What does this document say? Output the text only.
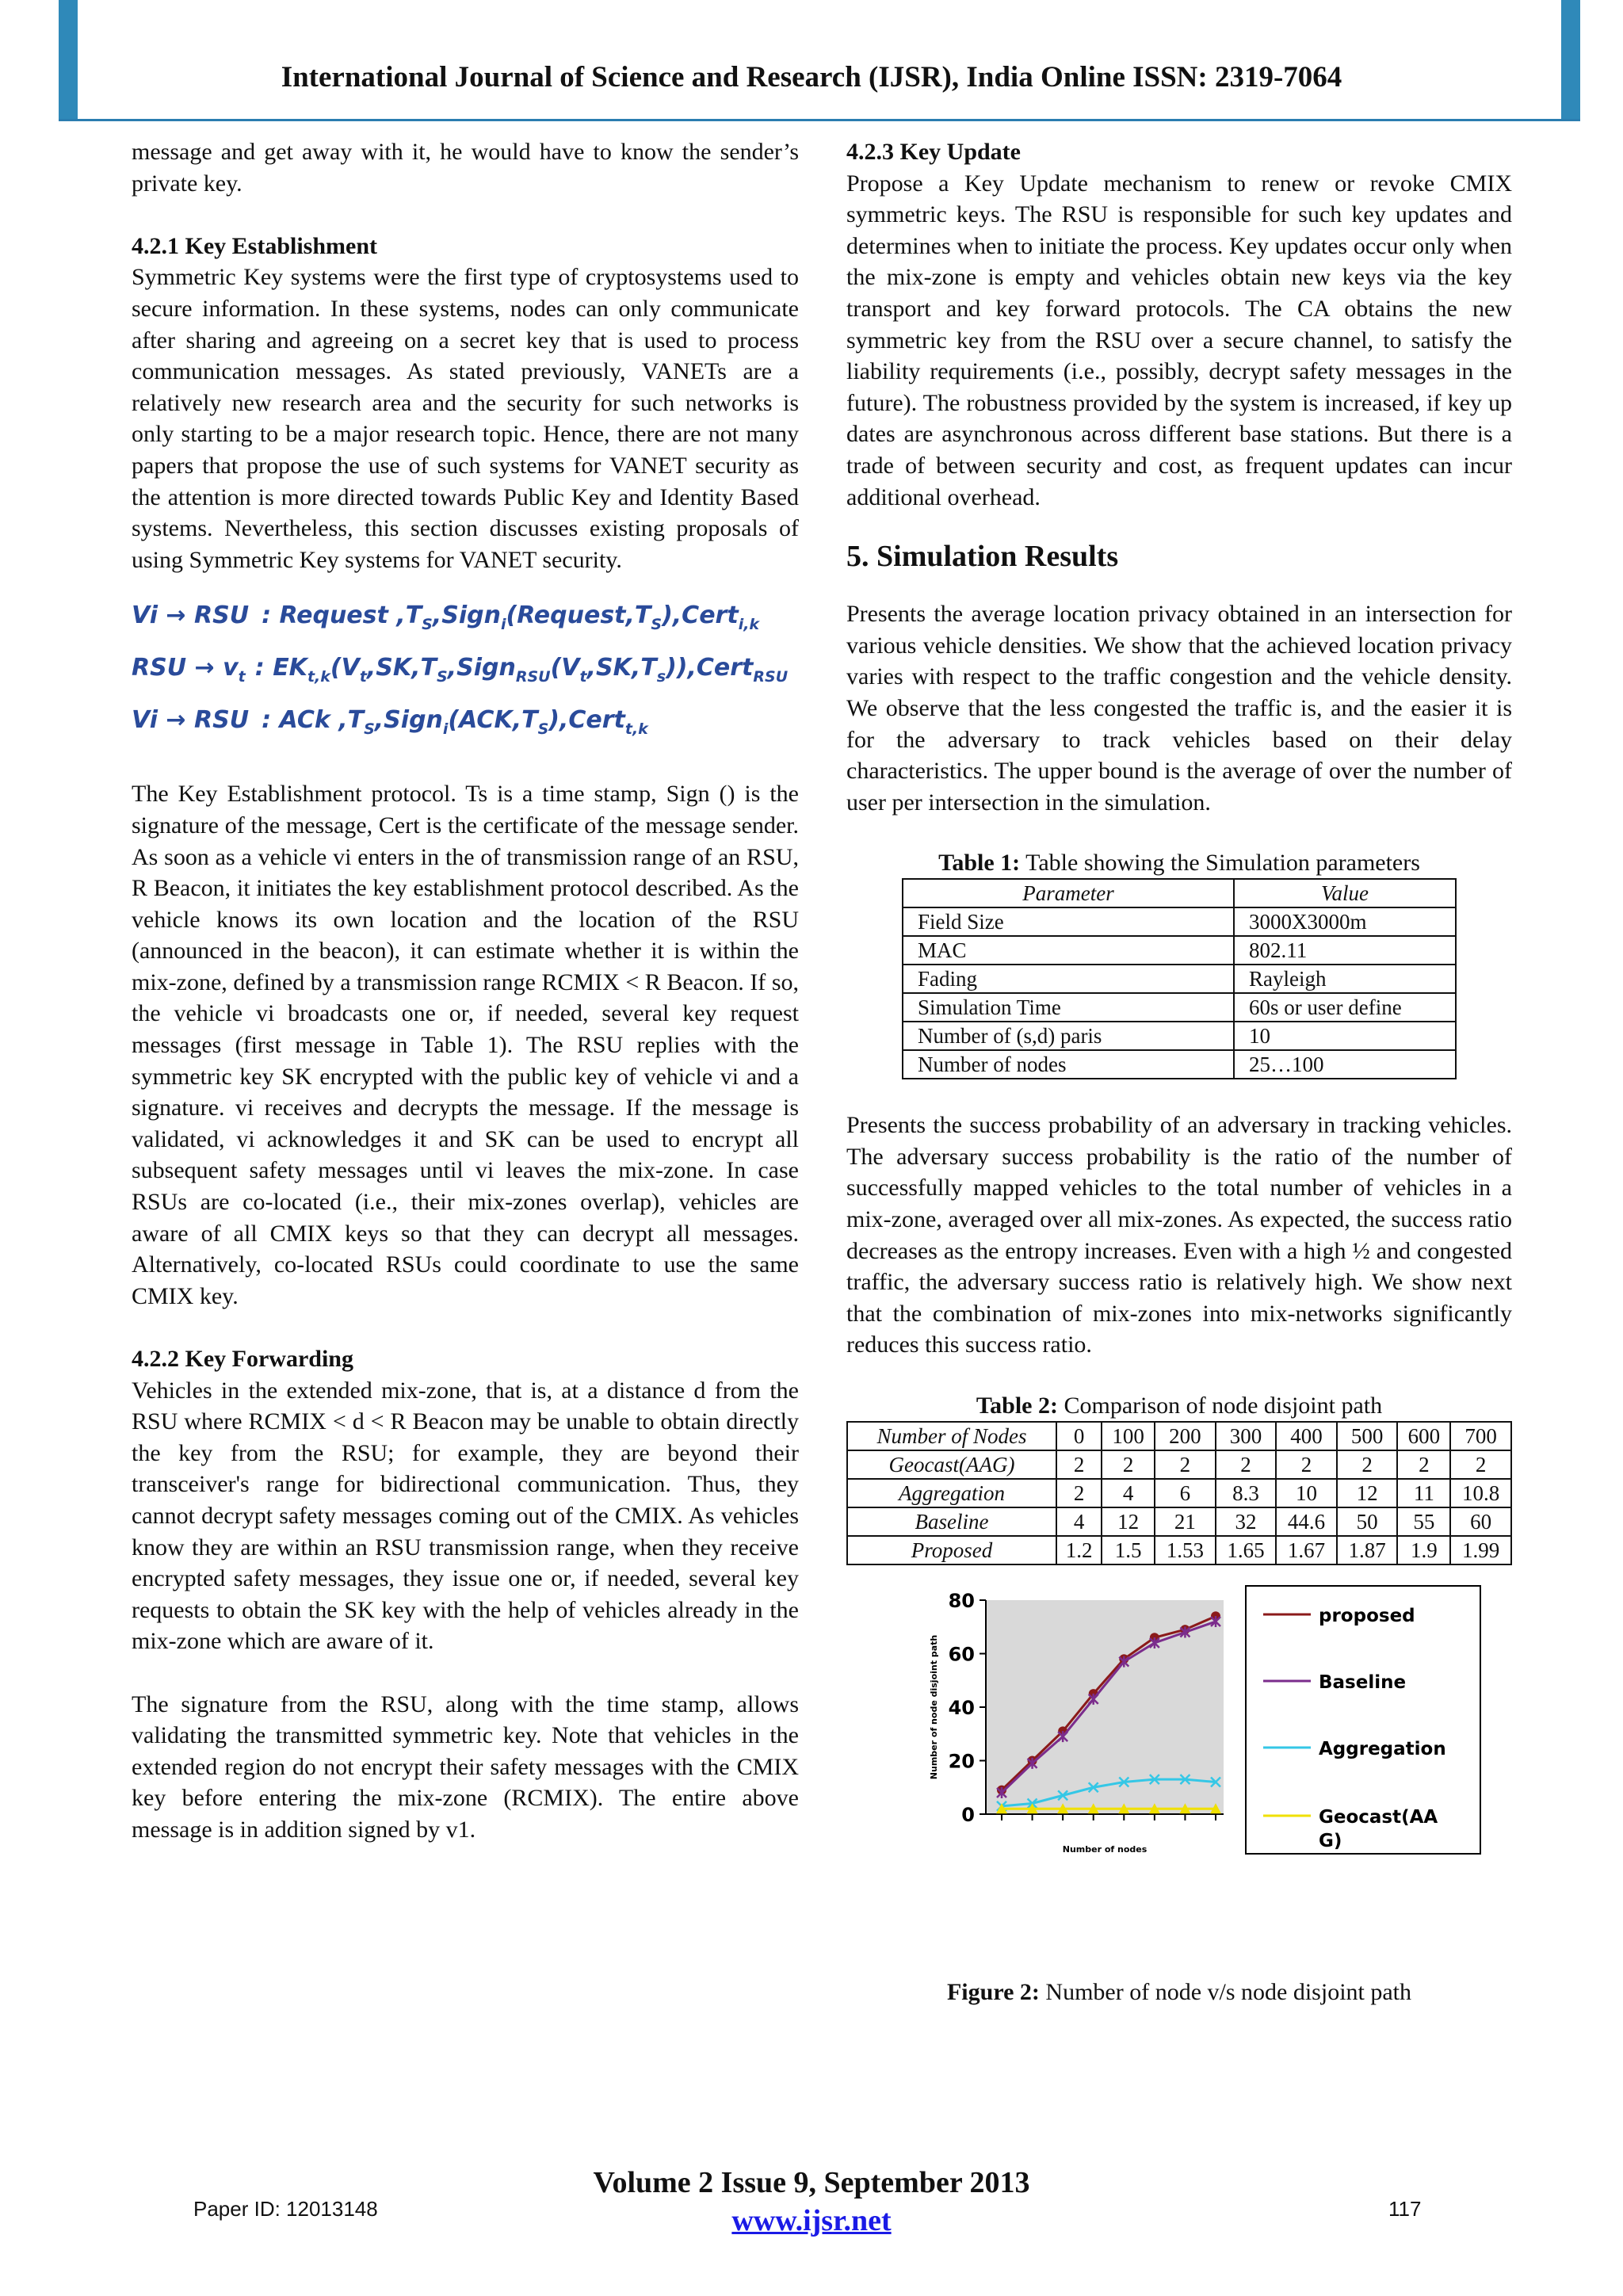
International Journal of Science and Research (IJSR), India Online ISSN: 2319-7064

message and get away with it, he would have to know the sender’s private key.

4.2.1 Key Establishment

Symmetric Key systems were the first type of cryptosystems used to secure information. In these systems, nodes can only communicate after sharing and agreeing on a secret key that is used to process communication messages. As stated previously, VANETs are a relatively new research area and the security for such networks is only starting to be a major research topic. Hence, there are not many papers that propose the use of such systems for VANET security as the attention is more directed towards Public Key and Identity Based systems. Nevertheless, this section discusses existing proposals of using Symmetric Key systems for VANET security.

Vi → RSU : Request $,T_S,Sign_i(Request,T_S),Cert_{i,k}$
RSU → $v_t$ : $EK_{t,k}(V_t,SK,T_S,Sign_{RSU}(V_t,SK,T_s)),Cert_{RSU}$
Vi → RSU : ACk $,T_S,Sign_i(ACK,T_S),Cert_{t,k}$

The Key Establishment protocol. Ts is a time stamp, Sign () is the signature of the message, Cert is the certificate of the message sender. As soon as a vehicle vi enters in the of transmission range of an RSU, R Beacon, it initiates the key establishment protocol described. As the vehicle knows its own location and the location of the RSU (announced in the beacon), it can estimate whether it is within the mix-zone, defined by a transmission range RCMIX < R Beacon. If so, the vehicle vi broadcasts one or, if needed, several key request messages (first message in Table 1). The RSU replies with the symmetric key SK encrypted with the public key of vehicle vi and a signature. vi receives and decrypts the message. If the message is validated, vi acknowledges it and SK can be used to encrypt all subsequent safety messages until vi leaves the mix-zone. In case RSUs are co-located (i.e., their mix-zones overlap), vehicles are aware of all CMIX keys so that they can decrypt all messages. Alternatively, co-located RSUs could coordinate to use the same CMIX key.

4.2.2 Key Forwarding

Vehicles in the extended mix-zone, that is, at a distance d from the RSU where RCMIX < d < R Beacon may be unable to obtain directly the key from the RSU; for example, they are beyond their transceiver's range for bidirectional communication. Thus, they cannot decrypt safety messages coming out of the CMIX. As vehicles know they are within an RSU transmission range, when they receive encrypted safety messages, they issue one or, if needed, several key requests to obtain the SK key with the help of vehicles already in the mix-zone which are aware of it.

The signature from the RSU, along with the time stamp, allows validating the transmitted symmetric key. Note that vehicles in the extended region do not encrypt their safety messages with the CMIX key before entering the mix-zone (RCMIX). The entire above message is in addition signed by v1.

4.2.3 Key Update

Propose a Key Update mechanism to renew or revoke CMIX symmetric keys. The RSU is responsible for such key updates and determines when to initiate the process. Key updates occur only when the mix-zone is empty and vehicles obtain new keys via the key transport and key forward protocols. The CA obtains the new symmetric key from the RSU over a secure channel, to satisfy the liability requirements (i.e., possibly, decrypt safety messages in the future). The robustness provided by the system is increased, if key up dates are asynchronous across different base stations. But there is a trade of between security and cost, as frequent updates can incur additional overhead.

5. Simulation Results

Presents the average location privacy obtained in an intersection for various vehicle densities. We show that the achieved location privacy varies with respect to the traffic congestion and the vehicle density. We observe that the less congested the traffic is, and the easier it is for the adversary to track vehicles based on their delay characteristics. The upper bound is the average of over the number of user per intersection in the simulation.

Table 1: Table showing the Simulation parameters
Parameter	Value
Field Size	3000X3000m
MAC	802.11
Fading	Rayleigh
Simulation Time	60s or user define
Number of (s,d) paris	10
Number of nodes	25…100

Presents the success probability of an adversary in tracking vehicles. The adversary success probability is the ratio of the number of successfully mapped vehicles to the total number of vehicles in a mix-zone, averaged over all mix-zones. As expected, the success ratio decreases as the entropy increases. Even with a high ½ and congested traffic, the adversary success ratio is relatively high. We show next that the combination of mix-zones into mix-networks significantly reduces this success ratio.

Table 2: Comparison of node disjoint path
Number of Nodes	0	100	200	300	400	500	600	700
Geocast(AAG)	2	2	2	2	2	2	2	2
Aggregation	2	4	6	8.3	10	12	11	10.8
Baseline	4	12	21	32	44.6	50	55	60
Proposed	1.2	1.5	1.53	1.65	1.67	1.87	1.9	1.99
0
20
40
60
80
Number of nodes
Number of node disjoint path
proposed
Baseline
Aggregation
Geocast(AA
G)
Figure 2: Number of node v/s node disjoint path
Volume 2 Issue 9, September 2013
www.ijsr.net
Paper ID: 12013148	117
